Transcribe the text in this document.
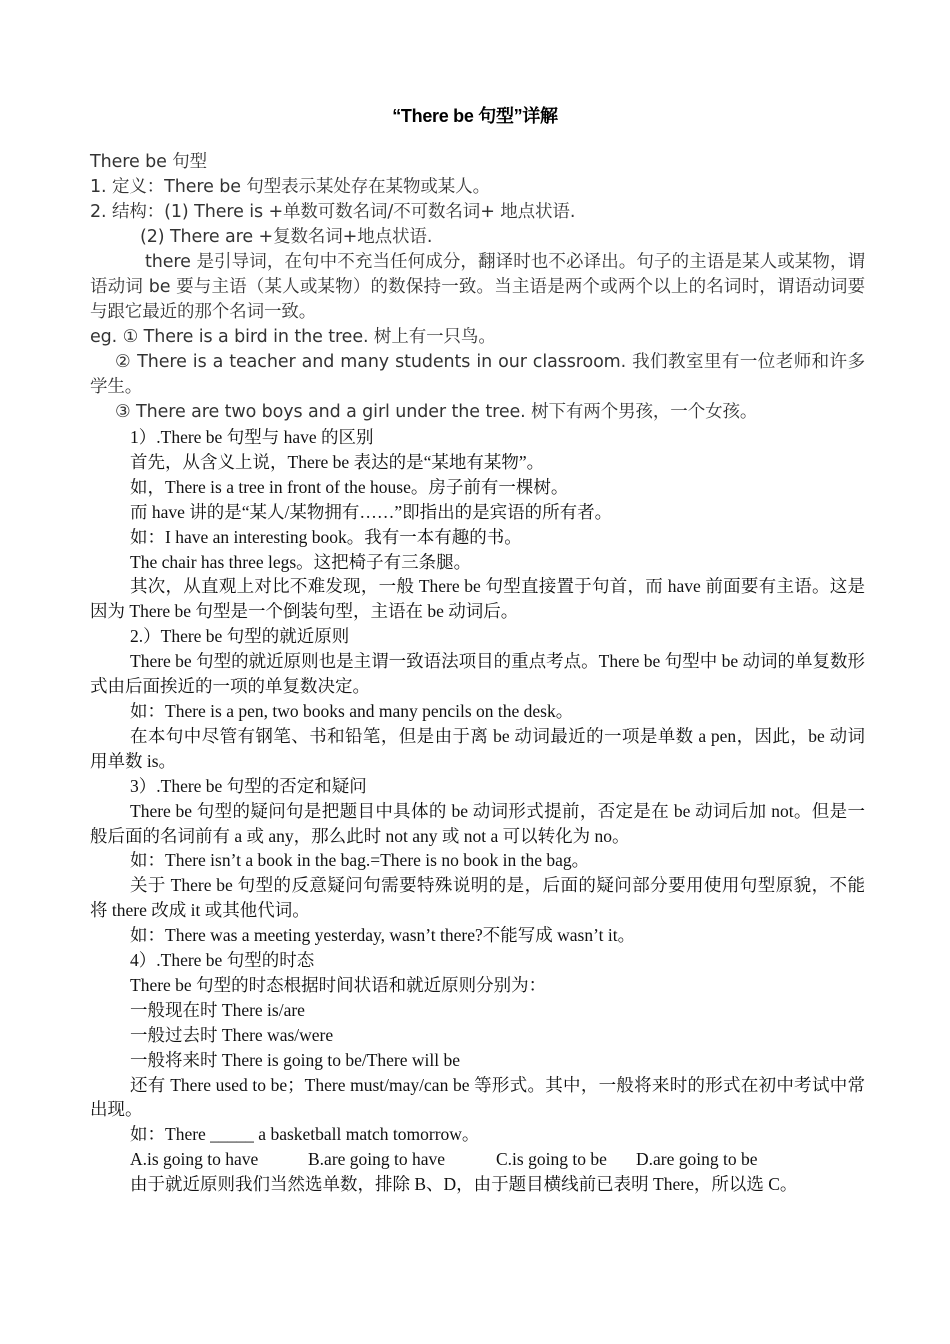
“There be 句型”详解

There be 句型

1. 定义：There be 句型表示某处存在某物或某人。

2. 结构：(1) There is +单数可数名词/不可数名词+ 地点状语.

(2) There are +复数名词+地点状语.

there 是引导词，在句中不充当任何成分，翻译时也不必译出。句子的主语是某人或某物，谓语动词 be 要与主语（某人或某物）的数保持一致。当主语是两个或两个以上的名词时，谓语动词要与跟它最近的那个名词一致。

eg. ① There is a bird in the tree. 树上有一只鸟。

② There is a teacher and many students in our classroom. 我们教室里有一位老师和许多学生。

③ There are two boys and a girl under the tree. 树下有两个男孩，一个女孩。

1）.There be 句型与 have 的区别

首先，从含义上说，There be 表达的是“某地有某物”。

如，There is a tree in front of the house。房子前有一棵树。

而 have 讲的是“某人/某物拥有……”即指出的是宾语的所有者。

如：I have an interesting book。我有一本有趣的书。

The chair has three legs。这把椅子有三条腿。

其次，从直观上对比不难发现，一般 There be 句型直接置于句首，而 have 前面要有主语。这是因为 There be 句型是一个倒装句型，主语在 be 动词后。

2.）There be 句型的就近原则

There be 句型的就近原则也是主谓一致语法项目的重点考点。There be 句型中 be 动词的单复数形式由后面挨近的一项的单复数决定。

如：There is a pen, two books and many pencils on the desk。

在本句中尽管有钢笔、书和铅笔，但是由于离 be 动词最近的一项是单数 a pen，因此，be 动词用单数 is。

3）.There be 句型的否定和疑问

There be 句型的疑问句是把题目中具体的 be 动词形式提前，否定是在 be 动词后加 not。但是一般后面的名词前有 a 或 any，那么此时 not any 或 not a 可以转化为 no。

如：There isn’t a book in the bag.=There is no book in the bag。

关于 There be 句型的反意疑问句需要特殊说明的是，后面的疑问部分要用使用句型原貌，不能将 there 改成 it 或其他代词。

如：There was a meeting yesterday, wasn’t there?不能写成 wasn’t it。

4）.There be 句型的时态

There be 句型的时态根据时间状语和就近原则分别为：

一般现在时 There is/are

一般过去时 There was/were

一般将来时 There is going to be/There will be

还有 There used to be；There must/may/can be 等形式。其中，一般将来时的形式在初中考试中常出现。

如：There _____ a basketball match tomorrow。

A.is going to have	B.are going to have	C.is going to be D.are going to be

由于就近原则我们当然选单数，排除 B、D，由于题目横线前已表明 There，所以选 C。
